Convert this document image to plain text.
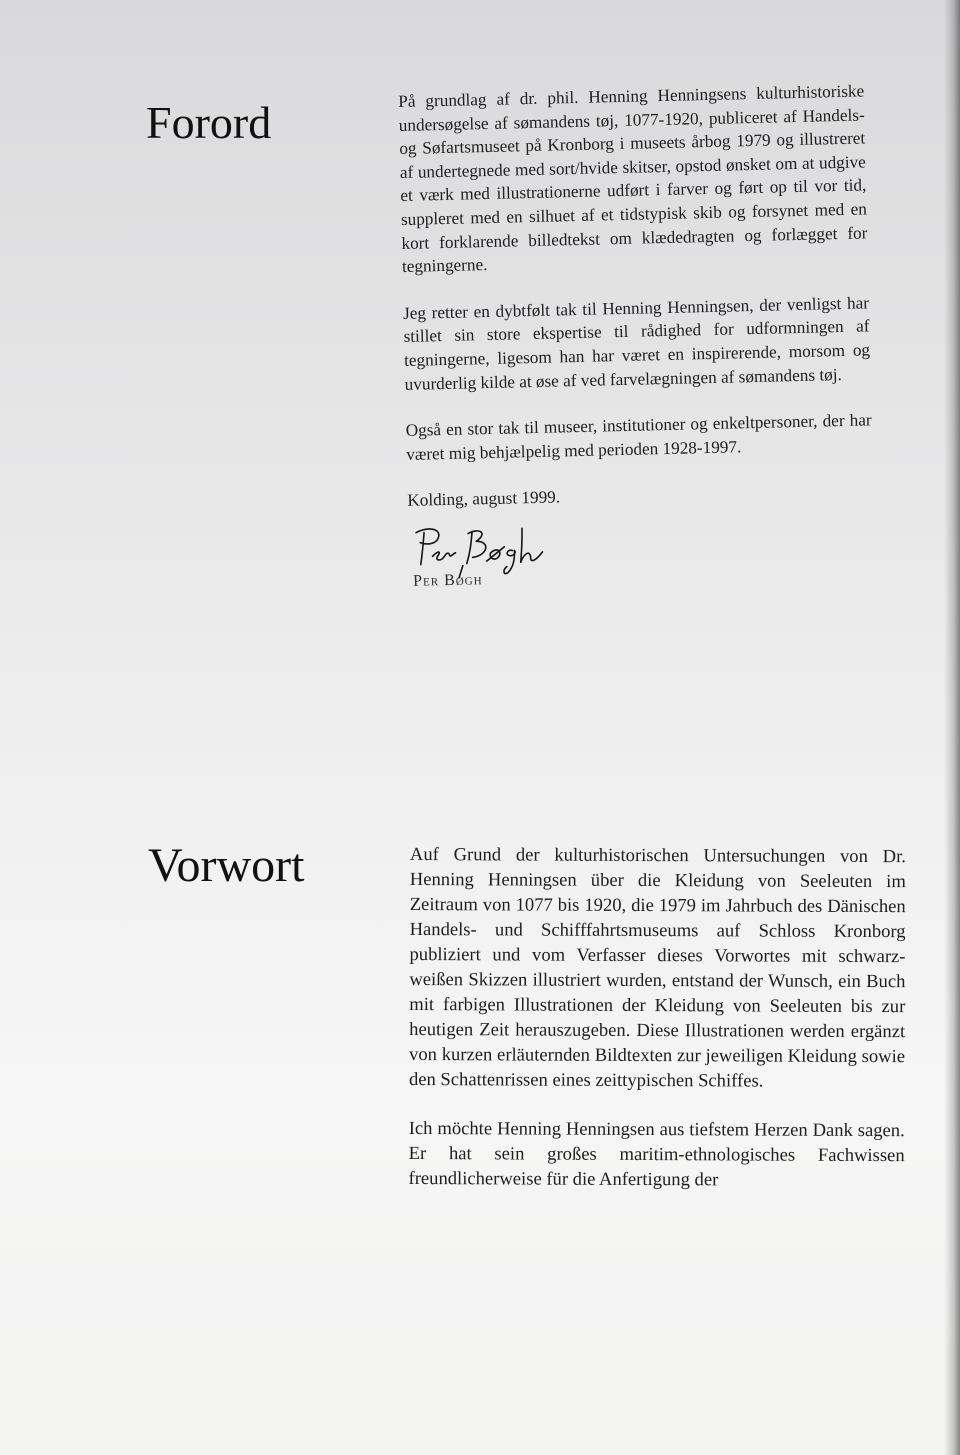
Forord

På grundlag af dr. phil. Henning Henningsens kulturhistoriske undersøgelse af sømandens tøj, 1077-1920, publiceret af Handels- og Søfartsmuseet på Kronborg i museets årbog 1979 og illustreret af undertegnede med sort/hvide skitser, opstod ønsket om at udgive et værk med illustrationerne udført i farver og ført op til vor tid, suppleret med en silhuet af et tidstypisk skib og forsynet med en kort forklarende billedtekst om klædedragten og forlægget for tegningerne.

Jeg retter en dybtfølt tak til Henning Henningsen, der venligst har stillet sin store ekspertise til rådighed for udformningen af tegningerne, ligesom han har været en inspirerende, morsom og uvurderlig kilde at øse af ved farvelægningen af sømandens tøj.

Også en stor tak til museer, institutioner og enkeltpersoner, der har været mig behjælpelig med perioden 1928-1997.

Kolding, august 1999.

Per Bøgh
Vorwort	Auf Grund der kulturhistorischen Untersuchungen von Dr. Henning Henningsen über die Kleidung von Seeleuten im Zeitraum von 1077 bis 1920, die 1979 im Jahrbuch des Dänischen Handels- und Schifffahrtsmuseums auf Schloss Kronborg publiziert und vom Verfasser dieses Vorwortes mit schwarz-weißen Skizzen illustriert wurden, entstand der Wunsch, ein Buch mit farbigen Illustrationen der Kleidung von Seeleuten bis zur heutigen Zeit herauszugeben. Diese Illustrationen werden ergänzt von kurzen erläuternden Bildtexten zur jeweiligen Kleidung sowie den Schattenrissen eines zeittypischen Schiffes.

Ich möchte Henning Henningsen aus tiefstem Herzen Dank sagen. Er hat sein großes maritim-ethnologisches Fachwissen freundlicherweise für die Anfertigung der
